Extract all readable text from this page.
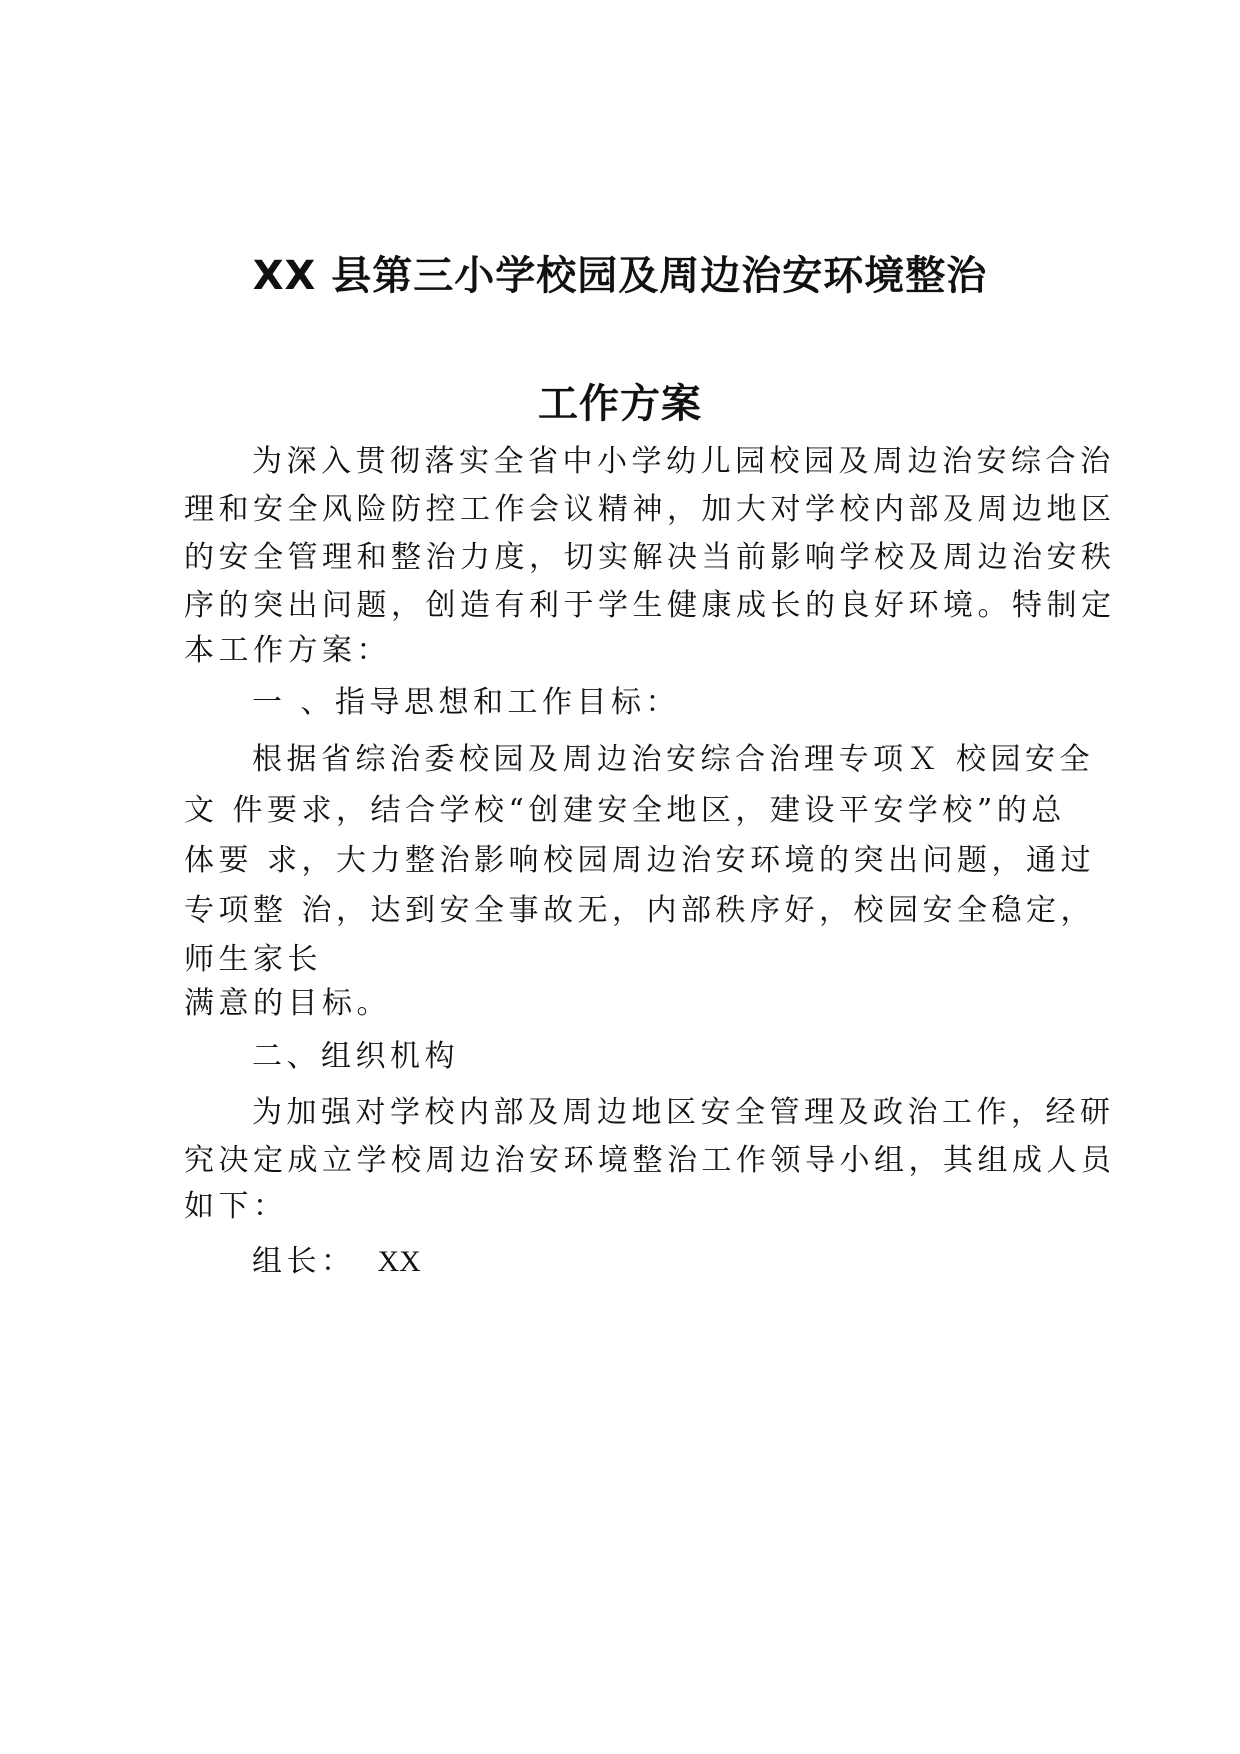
XX 县第三小学校园及周边治安环境整治
工作方案
为深入贯彻落实全省中小学幼儿园校园及周边治安综合治
理和安全风险防控工作会议精神，加大对学校内部及周边地区
的安全管理和整治力度，切实解决当前影响学校及周边治安秩
序的突出问题，创造有利于学生健康成长的良好环境。特制定
本工作方案：
一 、指导思想和工作目标：
根据省综治委校园及周边治安综合治理专项Ｘ 校园安全
文 件要求，结合学校“创建安全地区，建设平安学校”的总
体要 求，大力整治影响校园周边治安环境的突出问题，通过
专项整 治，达到安全事故无，内部秩序好，校园安全稳定，
师生家长
满意的目标。
二、组织机构
为加强对学校内部及周边地区安全管理及政治工作，经研
究决定成立学校周边治安环境整治工作领导小组，其组成人员
如下：
组长： XX
